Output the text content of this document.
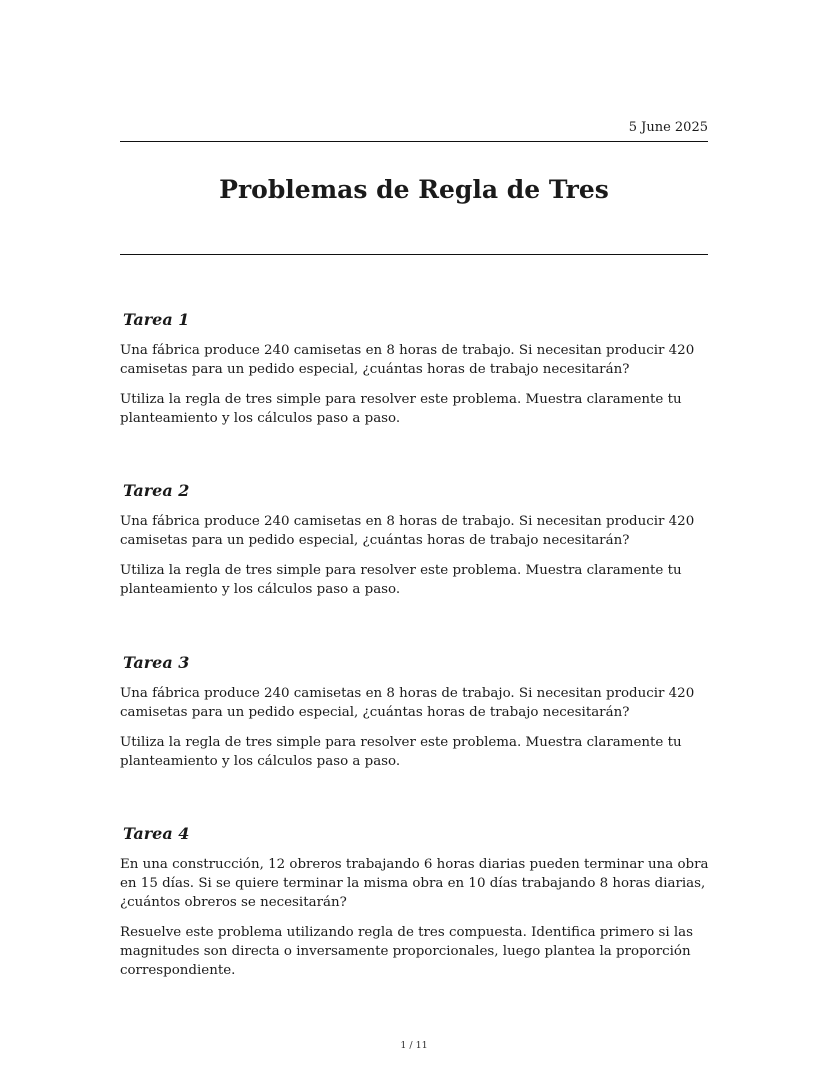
5 June 2025
Problemas de Regla de Tres
Tarea 1

Una fábrica produce 240 camisetas en 8 horas de trabajo. Si necesitan producir 420 camisetas para un pedido especial, ¿cuántas horas de trabajo necesitarán?

Utiliza la regla de tres simple para resolver este problema. Muestra claramente tu planteamiento y los cálculos paso a paso.

Tarea 2

Una fábrica produce 240 camisetas en 8 horas de trabajo. Si necesitan producir 420 camisetas para un pedido especial, ¿cuántas horas de trabajo necesitarán?

Utiliza la regla de tres simple para resolver este problema. Muestra claramente tu planteamiento y los cálculos paso a paso.

Tarea 3

Una fábrica produce 240 camisetas en 8 horas de trabajo. Si necesitan producir 420 camisetas para un pedido especial, ¿cuántas horas de trabajo necesitarán?

Utiliza la regla de tres simple para resolver este problema. Muestra claramente tu planteamiento y los cálculos paso a paso.

Tarea 4

En una construcción, 12 obreros trabajando 6 horas diarias pueden terminar una obra en 15 días. Si se quiere terminar la misma obra en 10 días trabajando 8 horas diarias, ¿cuántos obreros se necesitarán?

Resuelve este problema utilizando regla de tres compuesta. Identifica primero si las magnitudes son directa o inversamente proporcionales, luego plantea la proporción correspondiente.

1 / 11
